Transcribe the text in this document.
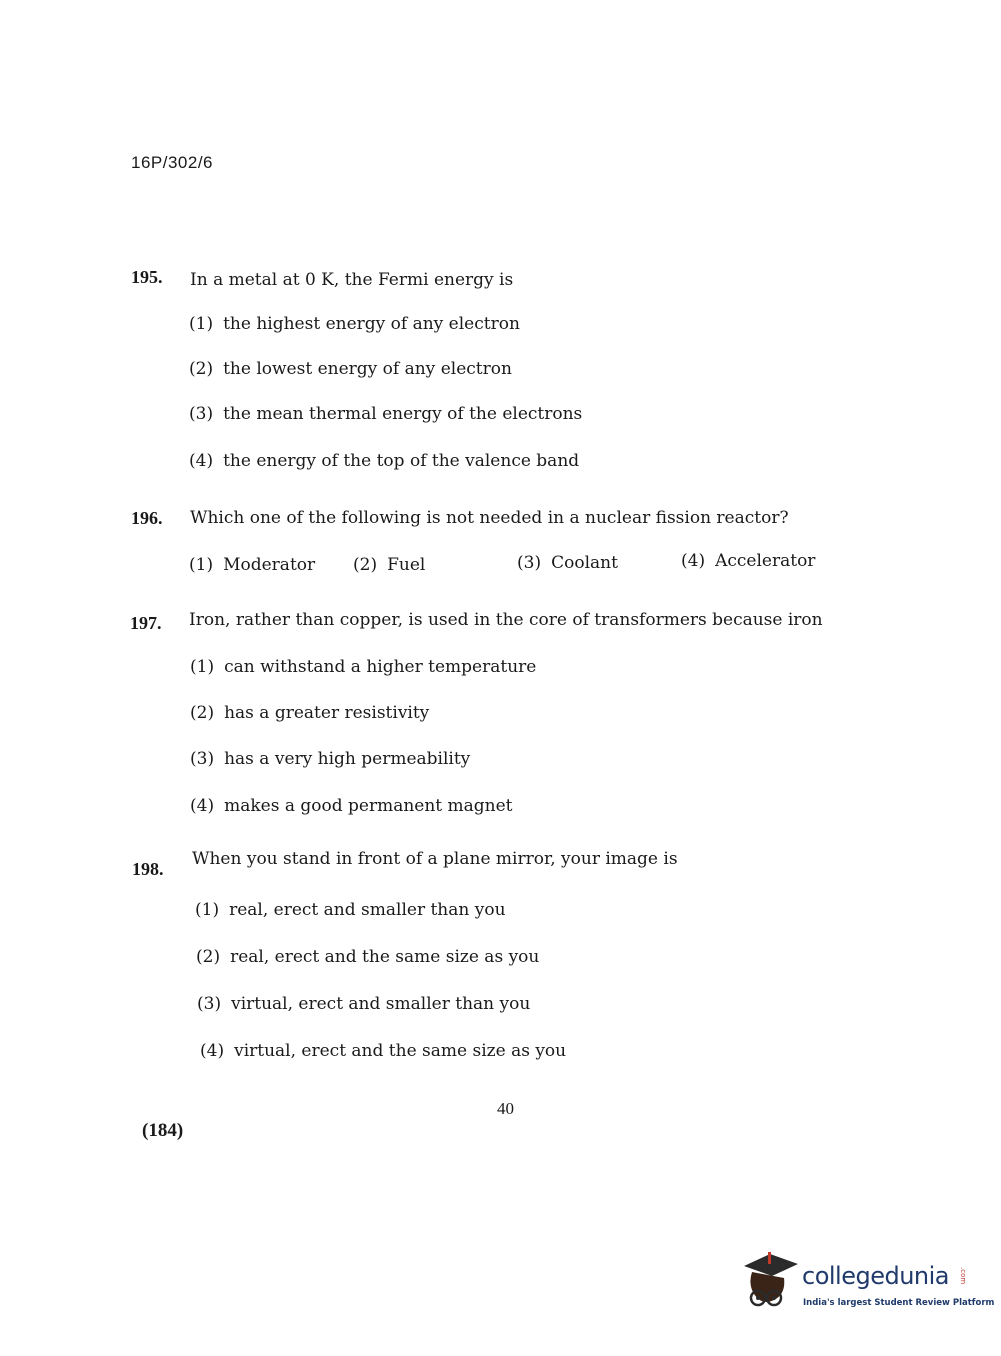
16P/302/6
195. In a metal at 0 K, the Fermi energy is
(1) the highest energy of any electron
(2) the lowest energy of any electron
(3) the mean thermal energy of the electrons
(4) the energy of the top of the valence band
196. Which one of the following is not needed in a nuclear fission reactor?
(1) Moderator (2) Fuel	(3) Coolant	(4) Accelerator
197. Iron, rather than copper, is used in the core of transformers because iron
(1) can withstand a higher temperature
(2) has a greater resistivity
(3) has a very high permeability
(4) makes a good permanent magnet
198. When you stand in front of a plane mirror, your image is
(1) real, erect and smaller than you
(2) real, erect and the same size as you
(3) virtual, erect and smaller than you
(4) virtual, erect and the same size as you
40
(184)
collegedunia .com
India's largest Student Review Platform
